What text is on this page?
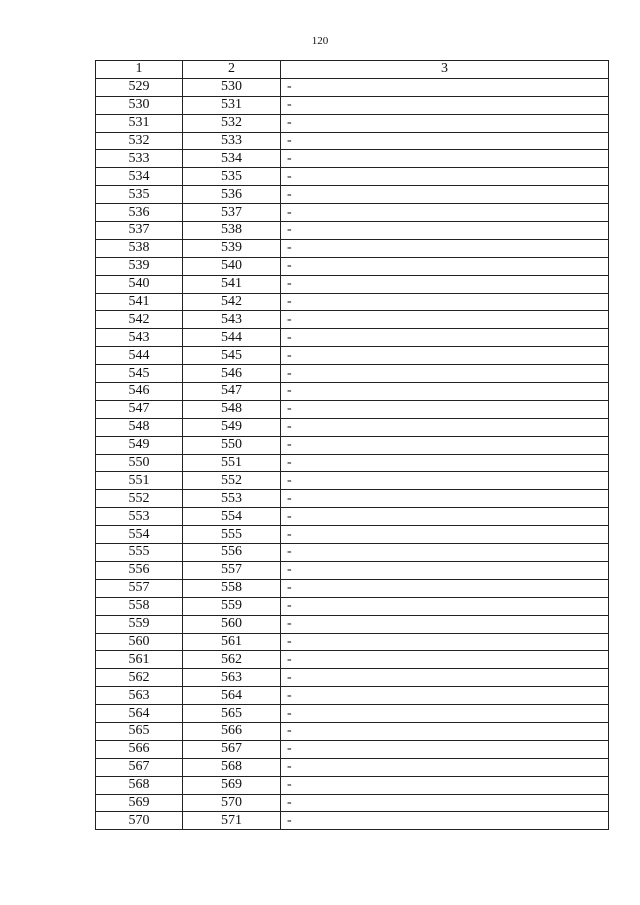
120
1	2	3
529	530	-
530	531	-
531	532	-
532	533	-
533	534	-
534	535	-
535	536	-
536	537	-
537	538	-
538	539	-
539	540	-
540	541	-
541	542	-
542	543	-
543	544	-
544	545	-
545	546	-
546	547	-
547	548	-
548	549	-
549	550	-
550	551	-
551	552	-
552	553	-
553	554	-
554	555	-
555	556	-
556	557	-
557	558	-
558	559	-
559	560	-
560	561	-
561	562	-
562	563	-
563	564	-
564	565	-
565	566	-
566	567	-
567	568	-
568	569	-
569	570	-
570	571	-
